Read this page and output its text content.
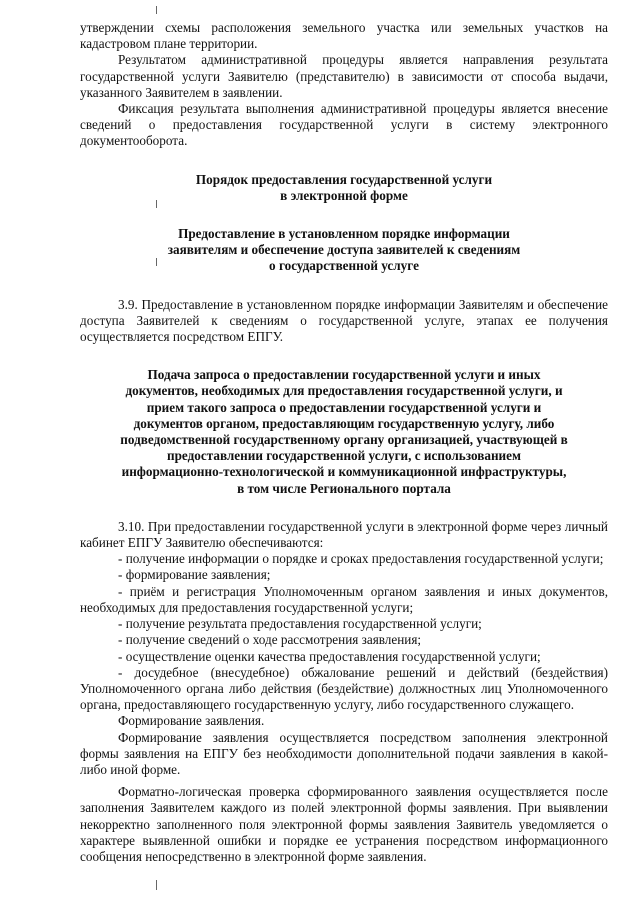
утверждении схемы расположения земельного участка или земельных участков на кадастровом плане территории.

Результатом административной процедуры является направления результата государственной услуги Заявителю (представителю) в зависимости от способа выдачи, указанного Заявителем в заявлении.

Фиксация результата выполнения административной процедуры является внесение сведений о предоставления государственной услуги в систему электронного документооборота.

Порядок предоставления государственной услуги
в электронной форме
Предоставление в установленном порядке информации
заявителям и обеспечение доступа заявителей к сведениям
о государственной услуге

3.9. Предоставление в установленном порядке информации Заявителям и обеспечение доступа Заявителей к сведениям о государственной услуге, этапах ее получения осуществляется посредством ЕПГУ.

Подача запроса о предоставлении государственной услуги и иных
документов, необходимых для предоставления государственной услуги, и
прием такого запроса о предоставлении государственной услуги и
документов органом, предоставляющим государственную услугу, либо
подведомственной государственному органу организацией, участвующей в
предоставлении государственной услуги, с использованием
информационно-технологической и коммуникационной инфраструктуры,
в том числе Регионального портала

3.10. При предоставлении государственной услуги в электронной форме через личный кабинет ЕПГУ Заявителю обеспечиваются:

- получение информации о порядке и сроках предоставления государственной услуги;

- формирование заявления;

- приём и регистрация Уполномоченным органом заявления и иных документов, необходимых для предоставления государственной услуги;

- получение результата предоставления государственной услуги;

- получение сведений о ходе рассмотрения заявления;

- осуществление оценки качества предоставления государственной услуги;

- досудебное (внесудебное) обжалование решений и действий (бездействия) Уполномоченного органа либо действия (бездействие) должностных лиц Уполномоченного органа, предоставляющего государственную услугу, либо государственного служащего.

Формирование заявления.

Формирование заявления осуществляется посредством заполнения электронной формы заявления на ЕПГУ без необходимости дополнительной подачи заявления в какой-либо иной форме.

Форматно-логическая проверка сформированного заявления осуществляется после заполнения Заявителем каждого из полей электронной формы заявления. При выявлении некорректно заполненного поля электронной формы заявления Заявитель уведомляется о характере выявленной ошибки и порядке ее устранения посредством информационного сообщения непосредственно в электронной форме заявления.
